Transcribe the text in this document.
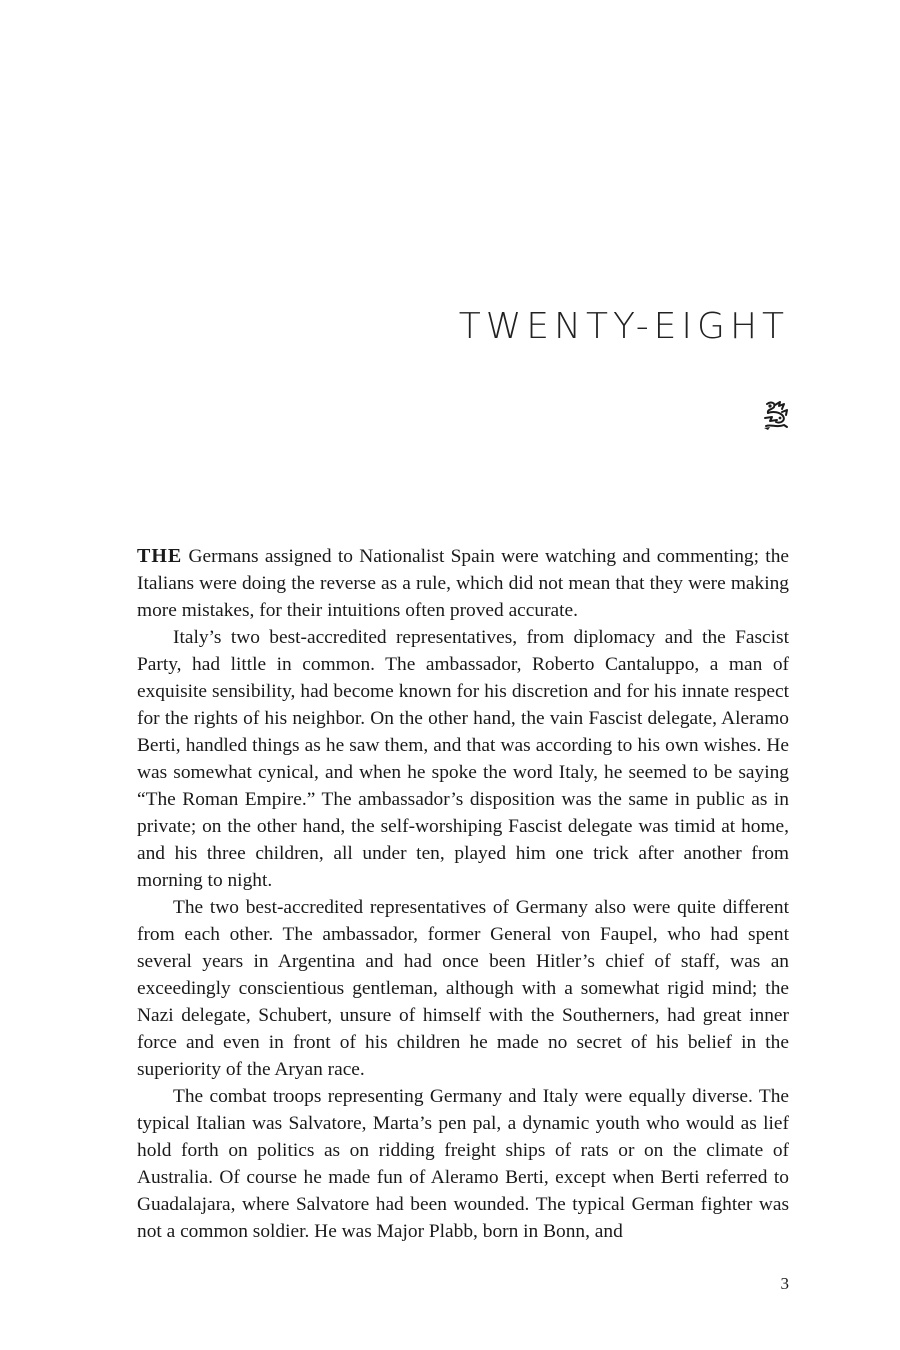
TWENTY-EIGHT

THE Germans assigned to Nationalist Spain were watching and commenting; the Italians were doing the reverse as a rule, which did not mean that they were making more mistakes, for their intuitions often proved accurate.

Italy’s two best-accredited representatives, from diplomacy and the Fascist Party, had little in common. The ambassador, Roberto Cantaluppo, a man of exquisite sensibility, had become known for his discretion and for his innate respect for the rights of his neighbor. On the other hand, the vain Fascist delegate, Aleramo Berti, handled things as he saw them, and that was according to his own wishes. He was somewhat cynical, and when he spoke the word Italy, he seemed to be saying “The Roman Empire.” The ambassador’s disposition was the same in public as in private; on the other hand, the self-worshiping Fascist delegate was timid at home, and his three children, all under ten, played him one trick after another from morning to night.

The two best-accredited representatives of Germany also were quite different from each other. The ambassador, former General von Faupel, who had spent several years in Argentina and had once been Hitler’s chief of staff, was an exceedingly conscientious gentleman, although with a somewhat rigid mind; the Nazi delegate, Schubert, unsure of himself with the Southerners, had great inner force and even in front of his children he made no secret of his belief in the superiority of the Aryan race.

The combat troops representing Germany and Italy were equally diverse. The typical Italian was Salvatore, Marta’s pen pal, a dynamic youth who would as lief hold forth on politics as on ridding freight ships of rats or on the climate of Australia. Of course he made fun of Aleramo Berti, except when Berti referred to Guadalajara, where Salvatore had been wounded. The typical German fighter was not a common soldier. He was Major Plabb, born in Bonn, and

3
